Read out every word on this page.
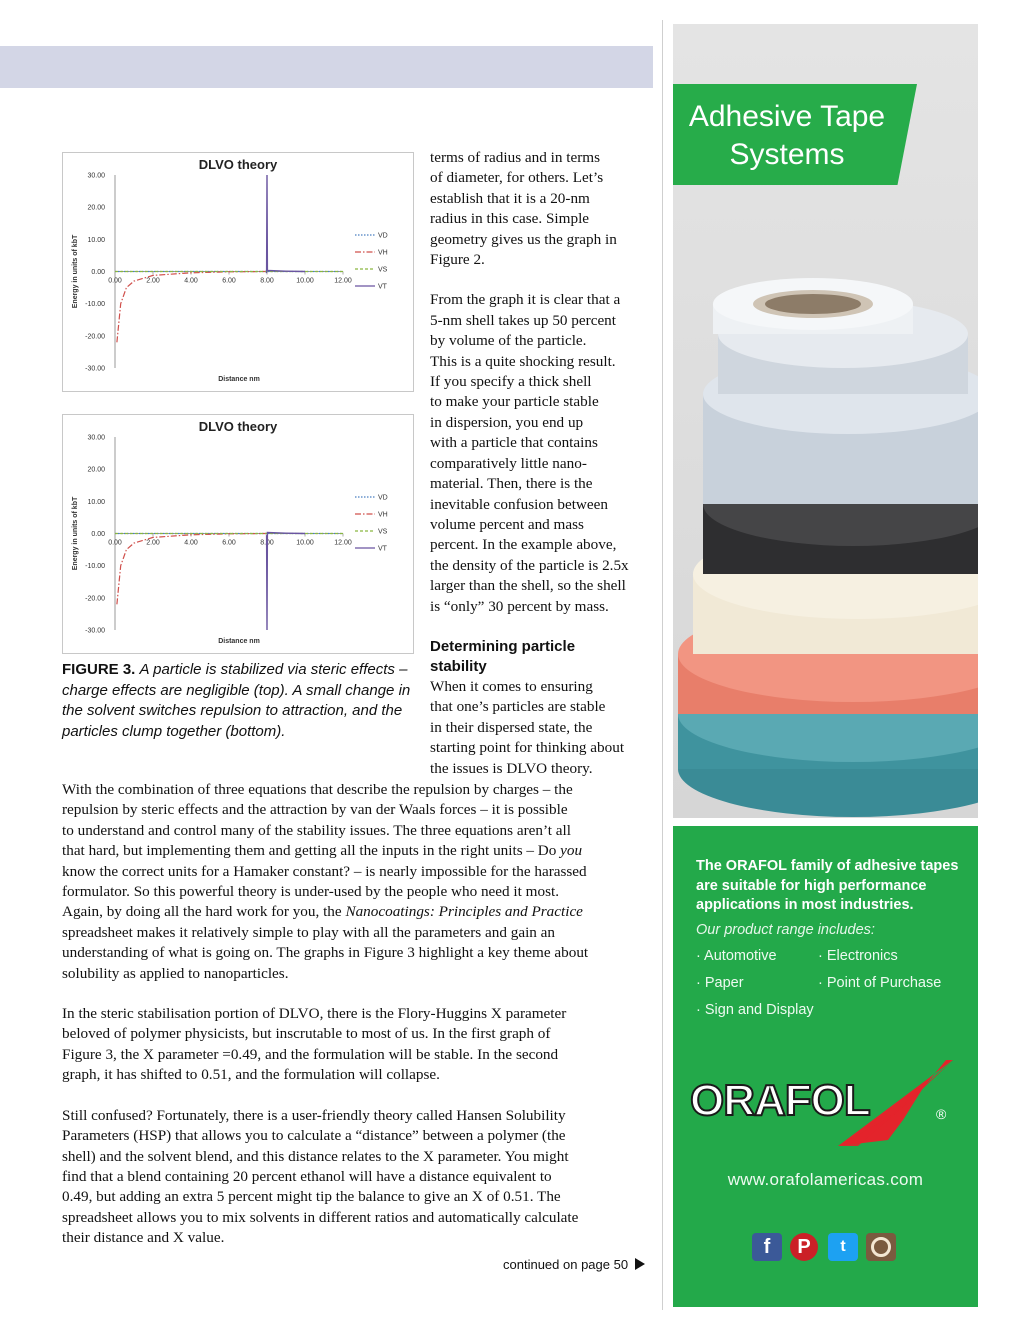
DLVO theory
30.00
20.00
10.00
0.00
-10.00
-20.00
-30.00
0.00	2.00	4.00	6.00	8.00	10.00	12.00
Energy in units of kbT
Distance nm
VD
VH
VS
VT
DLVO theory
30.00
20.00
10.00
0.00
-10.00
-20.00
-30.00
0.00	2.00	4.00	6.00	8.00	10.00	12.00
Energy in units of kbT
Distance nm
VD
VH
VS
VT
FIGURE 3. A particle is stabilized via steric effects – charge effects are negligible (top). A small change in the solvent switches repulsion to attraction, and the particles clump together (bottom).

terms of radius and in terms

of diameter, for others. Let’s

establish that it is a 20-nm

radius in this case. Simple

geometry gives us the graph in

Figure 2.

From the graph it is clear that a

5-nm shell takes up 50 percent

by volume of the particle.

This is a quite shocking result.

If you specify a thick shell

to make your particle stable

in dispersion, you end up

with a particle that contains

comparatively little nano-

material. Then, there is the

inevitable confusion between

volume percent and mass

percent. In the example above,

the density of the particle is 2.5x

larger than the shell, so the shell

is “only” 30 percent by mass.

Determining particle
stability

When it comes to ensuring

that one’s particles are stable

in their dispersed state, the

starting point for thinking about

the issues is DLVO theory.

With the combination of three equations that describe the repulsion by charges – the

repulsion by steric effects and the attraction by van der Waals forces – it is possible

to understand and control many of the stability issues. The three equations aren’t all

that hard, but implementing them and getting all the inputs in the right units – Do you

know the correct units for a Hamaker constant? – is nearly impossible for the harassed

formulator. So this powerful theory is under-used by the people who need it most.

Again, by doing all the hard work for you, the Nanocoatings: Principles and Practice

spreadsheet makes it relatively simple to play with all the parameters and gain an

understanding of what is going on. The graphs in Figure 3 highlight a key theme about

solubility as applied to nanoparticles.

In the steric stabilisation portion of DLVO, there is the Flory-Huggins X parameter

beloved of polymer physicists, but inscrutable to most of us. In the first graph of

Figure 3, the X parameter =0.49, and the formulation will be stable. In the second

graph, it has shifted to 0.51, and the formulation will collapse.

Still confused? Fortunately, there is a user-friendly theory called Hansen Solubility

Parameters (HSP) that allows you to calculate a “distance” between a polymer (the

shell) and the solvent blend, and this distance relates to the X parameter. You might

find that a blend containing 20 percent ethanol will have a distance equivalent to

0.49, but adding an extra 5 percent might tip the balance to give an X of 0.51. The

spreadsheet allows you to mix solvents in different ratios and automatically calculate

their distance and X value.

continued on page 50
Adhesive Tape
Systems
The ORAFOL family of adhesive tapes are suitable for high performance applications in most industries.
Our product range includes:
· Automotive	· Electronics
· Paper	· Point of Purchase
· Sign and Display
ORAFOL	®
www.orafolamericas.com
f	P	t
